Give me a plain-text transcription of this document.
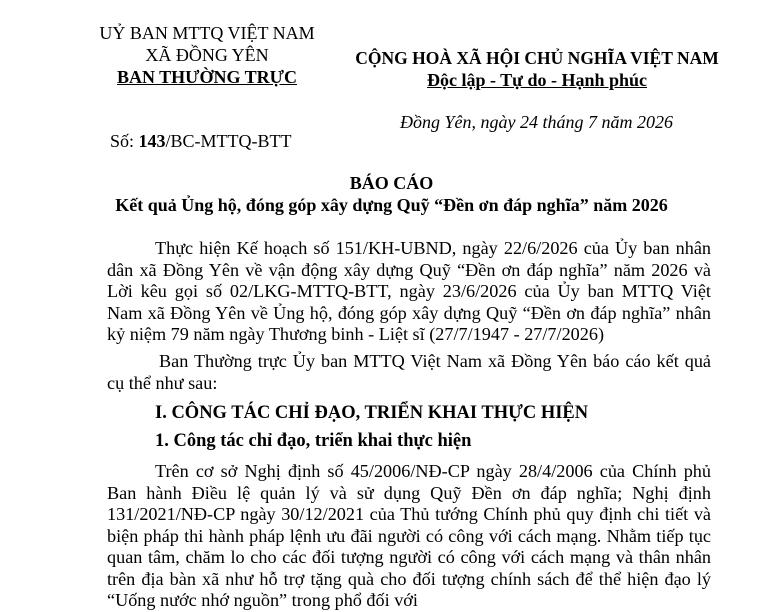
UỶ BAN MTTQ VIỆT NAM
XÃ ĐỒNG YÊN
BAN THƯỜNG TRỰC
Số: 143/BC-MTTQ-BTT
CỘNG HOÀ XÃ HỘI CHỦ NGHĨA VIỆT NAM
Độc lập - Tự do - Hạnh phúc
Đồng Yên, ngày 24 tháng 7 năm 2026
BÁO CÁO
Kết quả Ủng hộ, đóng góp xây dựng Quỹ “Đền ơn đáp nghĩa” năm 2026
Thực hiện Kế hoạch số 151/KH-UBND, ngày 22/6/2026 của Ủy ban nhân dân xã Đồng Yên về vận động xây dựng Quỹ “Đền ơn đáp nghĩa” năm 2026 và Lời kêu gọi số 02/LKG-MTTQ-BTT, ngày 23/6/2026 của Ủy ban MTTQ Việt Nam xã Đồng Yên về Ủng hộ, đóng góp xây dựng Quỹ “Đền ơn đáp nghĩa” nhân kỷ niệm 79 năm ngày Thương binh - Liệt sĩ (27/7/1947 - 27/7/2026)
Ban Thường trực Ủy ban MTTQ Việt Nam xã Đồng Yên báo cáo kết quả cụ thể như sau:
I. CÔNG TÁC CHỈ ĐẠO, TRIỂN KHAI THỰC HIỆN
1. Công tác chỉ đạo, triển khai thực hiện
Trên cơ sở Nghị định số 45/2006/NĐ-CP ngày 28/4/2006 của Chính phủ Ban hành Điều lệ quản lý và sử dụng Quỹ Đền ơn đáp nghĩa; Nghị định 131/2021/NĐ-CP ngày 30/12/2021 của Thủ tướng Chính phủ quy định chi tiết và biện pháp thi hành pháp lệnh ưu đãi người có công với cách mạng. Nhằm tiếp tục quan tâm, chăm lo cho các đối tượng người có công với cách mạng và thân nhân trên địa bàn xã như hỗ trợ tặng quà cho đối tượng chính sách để thể hiện đạo lý “Uống nước nhớ nguồn” trong phổ đối với
